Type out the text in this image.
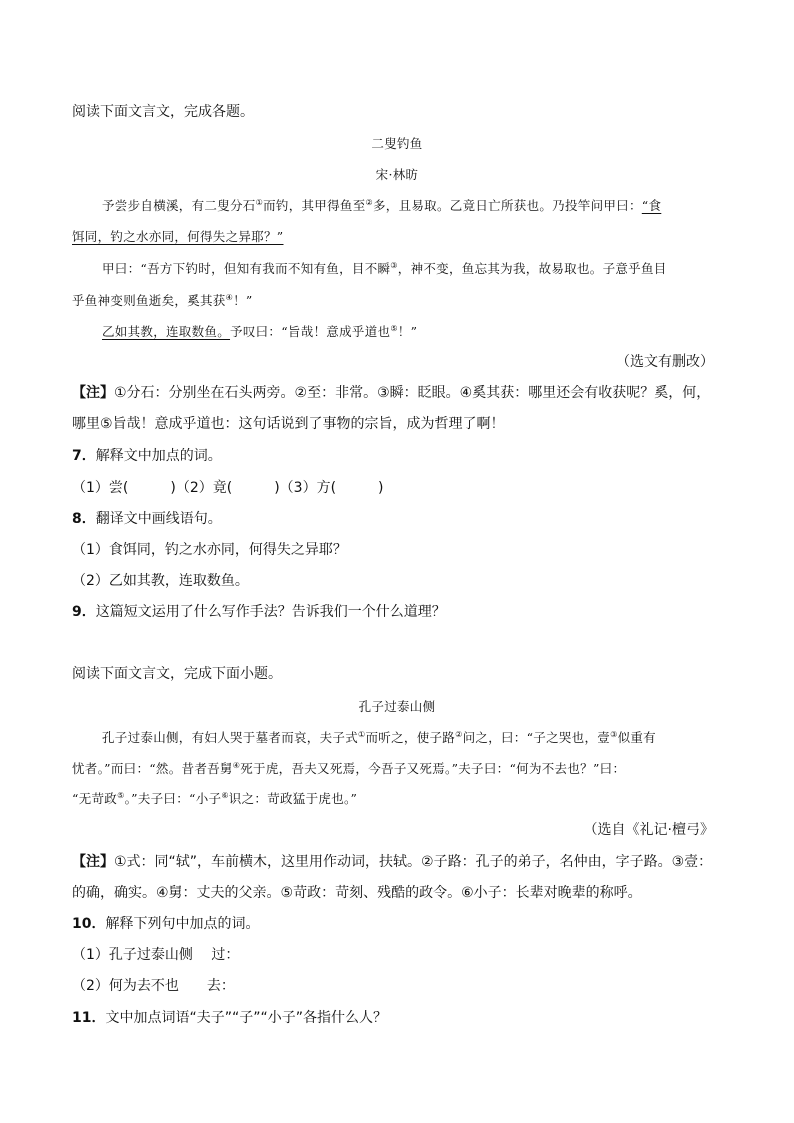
阅读下面文言文，完成各题。
二叟钓鱼
宋·林昉
予尝步自横溪，有二叟分石①而钓，其甲得鱼至②多，且易取。乙竟日亡所获也。乃投竿问甲曰：“食
饵同，钓之水亦同，何得失之异耶？”
甲曰：“吾方下钓时，但知有我而不知有鱼，目不瞬③，神不变，鱼忘其为我，故易取也。子意乎鱼目
乎鱼神变则鱼逝矣，奚其获④！”
乙如其教，连取数鱼。予叹曰：“旨哉！意成乎道也⑤！”
（选文有删改）
【注】①分石：分别坐在石头两旁。②至：非常。③瞬：眨眼。④奚其获：哪里还会有收获呢？奚，何，
哪里⑤旨哉！意成乎道也：这句话说到了事物的宗旨，成为哲理了啊！
7．解释文中加点的词。
（1）尝(　　　)（2）竟(　　　)（3）方(　　　)
8．翻译文中画线语句。
（1）食饵同，钓之水亦同，何得失之异耶？
（2）乙如其教，连取数鱼。
9．这篇短文运用了什么写作手法？告诉我们一个什么道理？
阅读下面文言文，完成下面小题。
孔子过泰山侧
孔子过泰山侧，有妇人哭于墓者而哀，夫子式①而听之，使子路②问之，曰：“子之哭也，壹③似重有
忧者。”而曰：“然。昔者吾舅④死于虎，吾夫又死焉，今吾子又死焉。”夫子曰：“何为不去也？”曰：
“无苛政⑤。”夫子曰：“小子⑥识之：苛政猛于虎也。”
（选自《礼记·檀弓》
【注】①式：同“轼”，车前横木，这里用作动词，扶轼。②子路：孔子的弟子，名仲由，字子路。③壹：
的确，确实。④舅：丈夫的父亲。⑤苛政：苛刻、残酷的政令。⑥小子：长辈对晚辈的称呼。
10．解释下列句中加点的词。
（1）孔子过泰山侧　 过：
（2）何为去不也　　去：
11．文中加点词语“夫子”“子”“小子”各指什么人？
